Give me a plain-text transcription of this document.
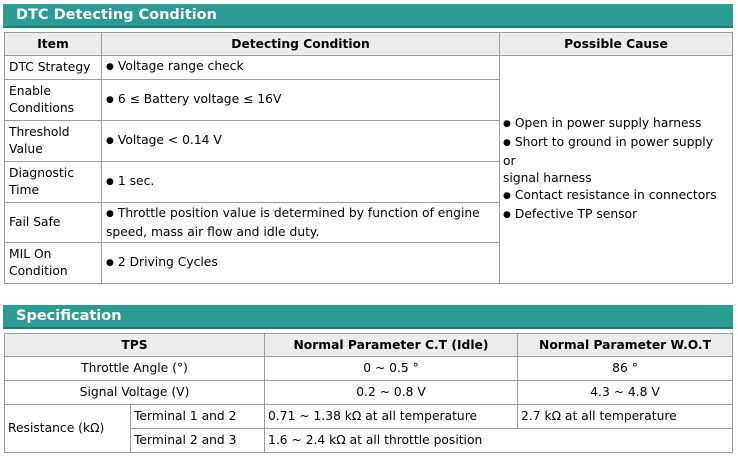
DTC Detecting Condition
Item	Detecting Condition	Possible Cause
DTC Strategy	● Voltage range check	● Open in power supply harness
● Short to ground in power supply or
signal harness
● Contact resistance in connectors
● Defective TP sensor

Enable Conditions	● 6 ≤ Battery voltage ≤ 16V
Threshold Value	● Voltage < 0.14 V
Diagnostic Time	● 1 sec.
Fail Safe	● Throttle position value is determined by function of engine speed, mass air flow and idle duty.
MIL On Condition	● 2 Driving Cycles
Specification
TPS		Normal Parameter C.T (Idle)	Normal Parameter W.O.T
Throttle Angle (°)		0 ~ 0.5 °	86 °
Signal Voltage (V)		0.2 ~ 0.8 V	4.3 ~ 4.8 V
Resistance (kΩ)	Terminal 1 and 2	0.71 ~ 1.38 kΩ at all temperature	2.7 kΩ at all temperature
	Terminal 2 and 3	1.6 ~ 2.4 kΩ at all throttle position	
